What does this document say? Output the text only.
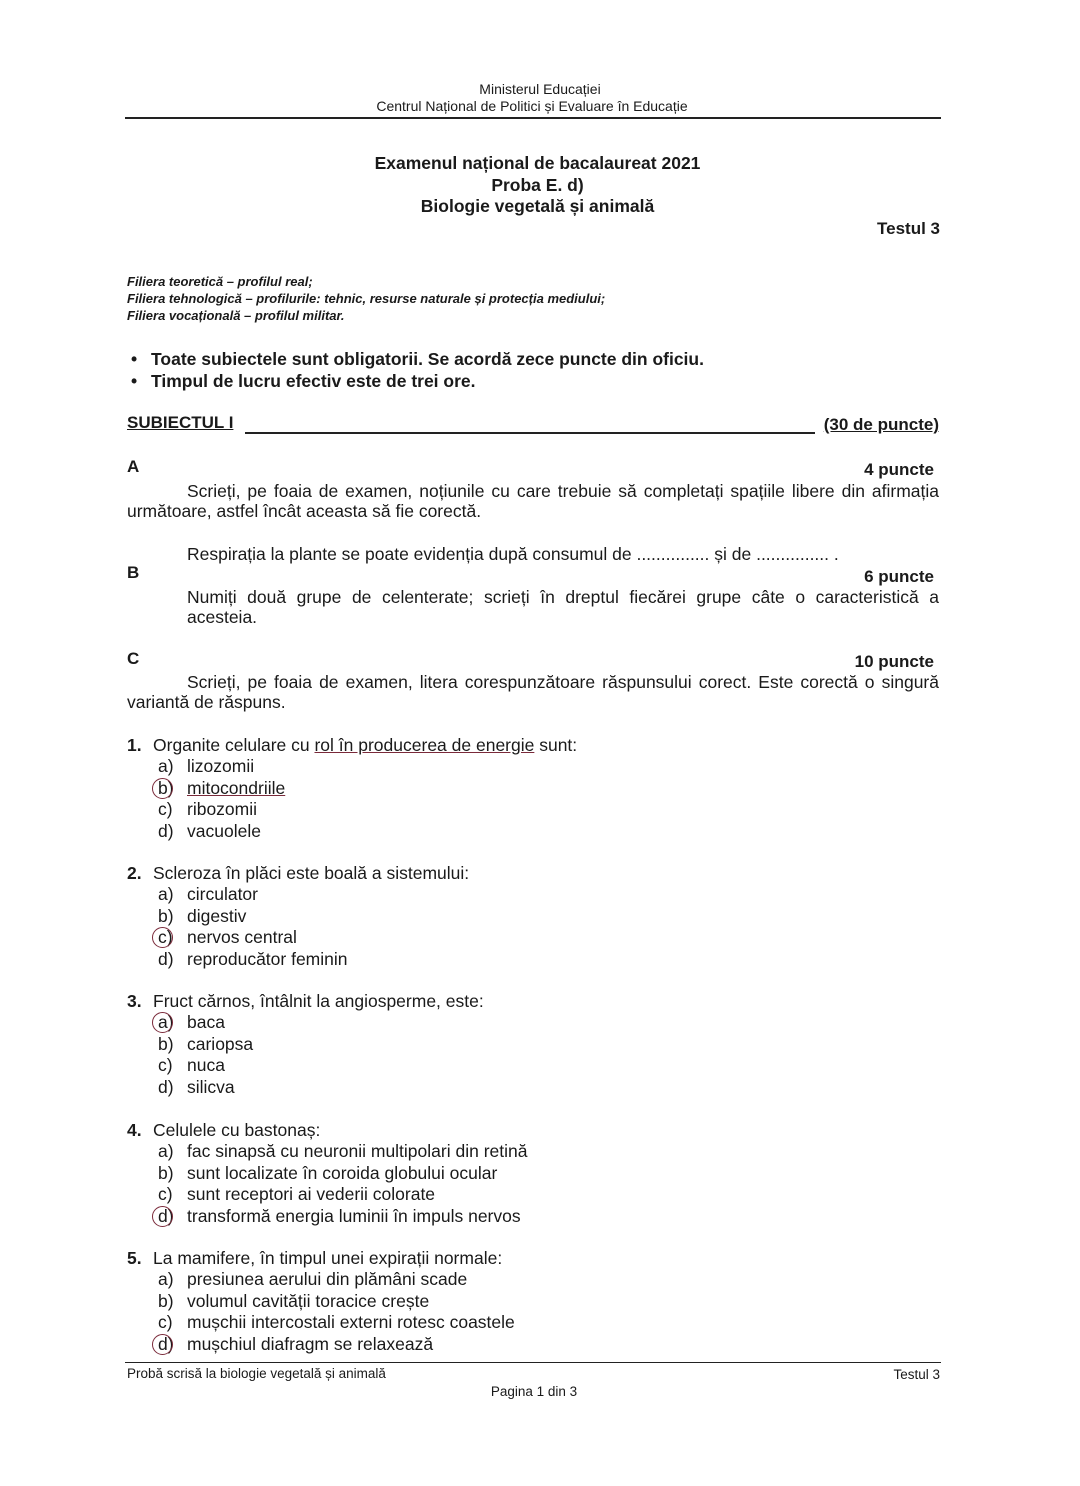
Ministerul Educației
Centrul Național de Politici și Evaluare în Educație
Examenul național de bacalaureat 2021
Proba E. d)
Biologie vegetală și animală
Testul 3
Filiera teoretică – profilul real;
Filiera tehnologică – profilurile: tehnic, resurse naturale și protecția mediului;
Filiera vocațională – profilul militar.
• Toate subiectele sunt obligatorii. Se acordă zece puncte din oficiu.
• Timpul de lucru efectiv este de trei ore.
SUBIECTUL I	(30 de puncte)
A	4 puncte
Scrieți, pe foaia de examen, noțiunile cu care trebuie să completați spațiile libere din afirmația următoare, astfel încât aceasta să fie corectă.
Respirația la plante se poate evidenția după consumul de ............... și de ............... .
B	6 puncte
Numiți două grupe de celenterate; scrieți în dreptul fiecărei grupe câte o caracteristică a acesteia.
C	10 puncte
Scrieți, pe foaia de examen, litera corespunzătoare răspunsului corect. Este corectă o singură variantă de răspuns.
1. Organite celulare cu rol în producerea de energie sunt:
a) lizozomii
b) mitocondriile
c) ribozomii
d) vacuolele
2. Scleroza în plăci este boală a sistemului:
a) circulator
b) digestiv
c) nervos central
d) reproducător feminin
3. Fruct cărnos, întâlnit la angiosperme, este:
a) baca
b) cariopsa
c) nuca
d) silicva
4. Celulele cu bastonaș:
a) fac sinapsă cu neuronii multipolari din retină
b) sunt localizate în coroida globului ocular
c) sunt receptori ai vederii colorate
d) transformă energia luminii în impuls nervos
5. La mamifere, în timpul unei expirații normale:
a) presiunea aerului din plămâni scade
b) volumul cavității toracice crește
c) mușchii intercostali externi rotesc coastele
d) mușchiul diafragm se relaxează
Probă scrisă la biologie vegetală și animală	Testul 3
Pagina 1 din 3
